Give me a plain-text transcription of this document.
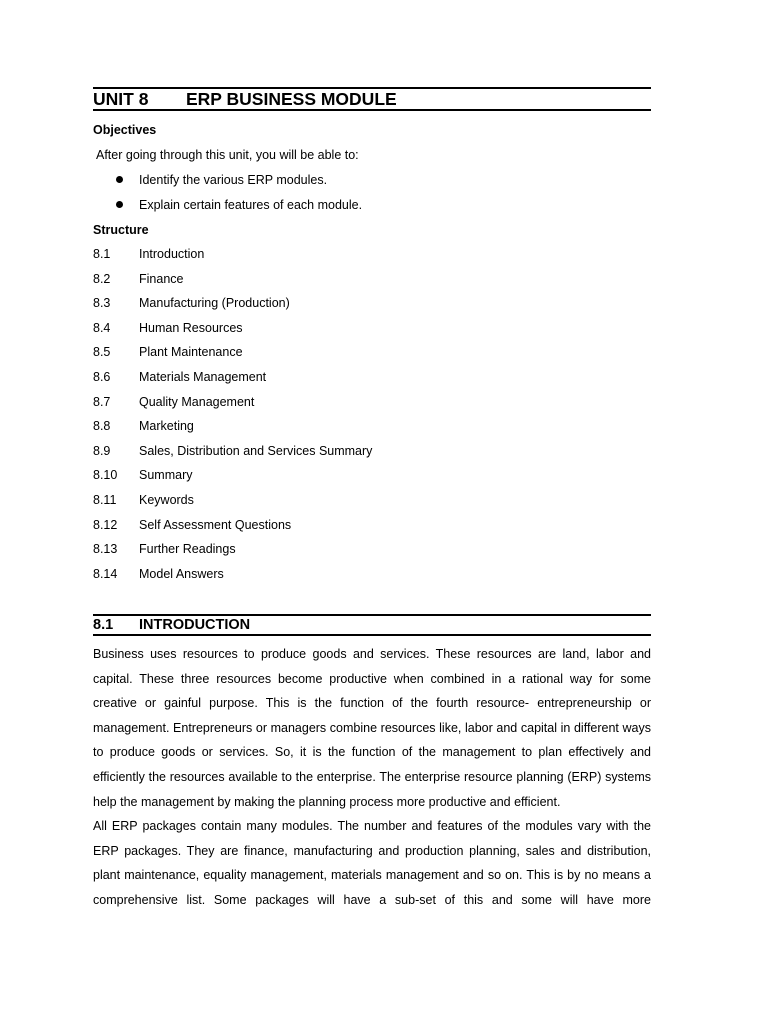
UNIT 8 ERP BUSINESS MODULE
Objectives
After going through this unit, you will be able to:
Identify the various ERP modules.
Explain certain features of each module.
Structure
8.1 Introduction
8.2 Finance
8.3 Manufacturing (Production)
8.4 Human Resources
8.5 Plant Maintenance
8.6 Materials Management
8.7 Quality Management
8.8 Marketing
8.9 Sales, Distribution and Services Summary
8.10 Summary
8.11 Keywords
8.12 Self Assessment Questions
8.13 Further Readings
8.14 Model Answers
8.1 INTRODUCTION

Business uses resources to produce goods and services. These resources are land, labor and capital. These three resources become productive when combined in a rational way for some creative or gainful purpose. This is the function of the fourth resource- entrepreneurship or management. Entrepreneurs or managers combine resources like, labor and capital in different ways to produce goods or services. So, it is the function of the management to plan effectively and efficiently the resources available to the enterprise. The enterprise resource planning (ERP) systems help the management by making the planning process more productive and efficient.

All ERP packages contain many modules. The number and features of the modules vary with the ERP packages. They are finance, manufacturing and production planning, sales and distribution, plant maintenance, equality management, materials management and so on. This is by no means a comprehensive list. Some packages will have a sub-set of this and some will have more
